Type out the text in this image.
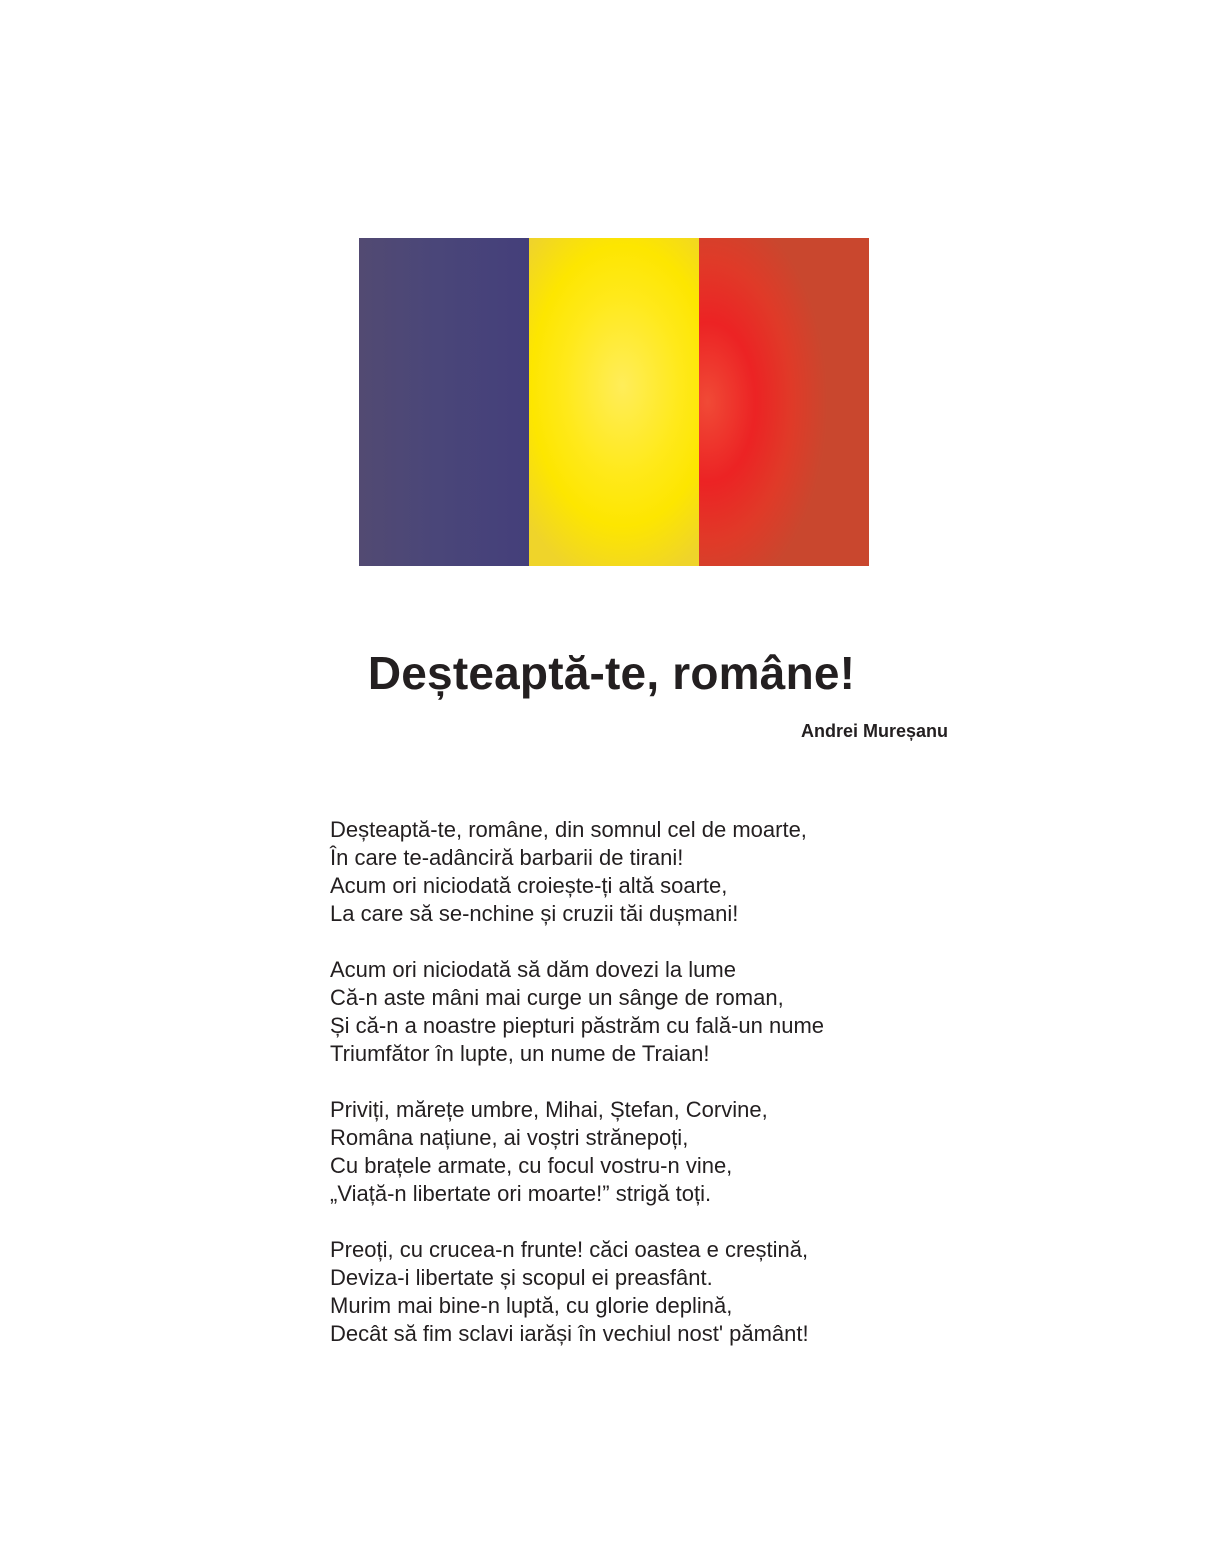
Deșteaptă-te, române!
Andrei Mureșanu
Deșteaptă-te, române, din somnul cel de moarte,
În care te-adânciră barbarii de tirani!
Acum ori niciodată croiește-ți altă soarte,
La care să se-nchine și cruzii tăi dușmani!
Acum ori niciodată să dăm dovezi la lume
Că-n aste mâni mai curge un sânge de roman,
Și că-n a noastre piepturi păstrăm cu fală-un nume
Triumfător în lupte, un nume de Traian!
Priviți, mărețe umbre, Mihai, Ștefan, Corvine,
Româna națiune, ai voștri strănepoți,
Cu brațele armate, cu focul vostru-n vine,
„Viață-n libertate ori moarte!” strigă toți.
Preoți, cu crucea-n frunte! căci oastea e creștină,
Deviza-i libertate și scopul ei preasfânt.
Murim mai bine-n luptă, cu glorie deplină,
Decât să fim sclavi iarăși în vechiul nost' pământ!
